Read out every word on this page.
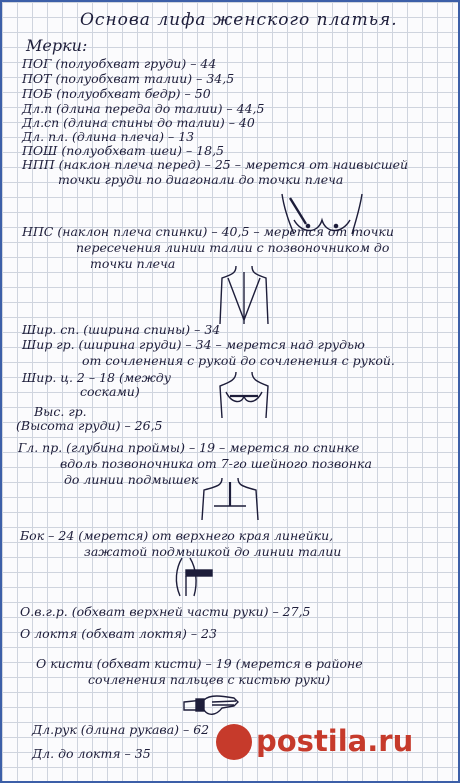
Основа лифа женского платья.
Мерки:
ПОГ (полуобхват груди) – 44
ПОТ (полуобхват талии) – 34,5
ПОБ (полуобхват бедр) – 50
Дл.п (длина переда до талии) – 44,5
Дл.сп (длина спины до талии) – 40
Дл. пл. (длина плеча) – 13
ПОШ (полуобхват шеи) – 18,5
НПП (наклон плеча перед) – 25 – мерется от наивысшей
точки груди по диагонали до точки плеча
НПС (наклон плеча спинки) – 40,5 – мерется от точки
пересечения линии талии с позвоночником до
точки плеча
Шир. сп. (ширина спины) – 34
Шир гр. (ширина груди) – 34 – мерется над грудью
от сочленения с рукой до сочленения с рукой.
Шир. ц. 2 – 18 (между
сосками)
Выс. гр.
(Высота груди) – 26,5
Гл. пр. (глубина проймы) – 19 – мерется по спинке
вдоль позвоночника от 7-го шейного позвонка
до линии подмышек
Бок – 24 (мерется) от верхнего края линейки,
зажатой подмышкой до линии талии
О.в.г.р. (обхват верхней части руки) – 27,5
О локтя (обхват локтя) – 23
О кисти (обхват кисти) – 19 (мерется в районе
сочленения пальцев с кистью руки)
Дл.рук (длина рукава) – 62
Дл. до локтя – 35	postila.ru
